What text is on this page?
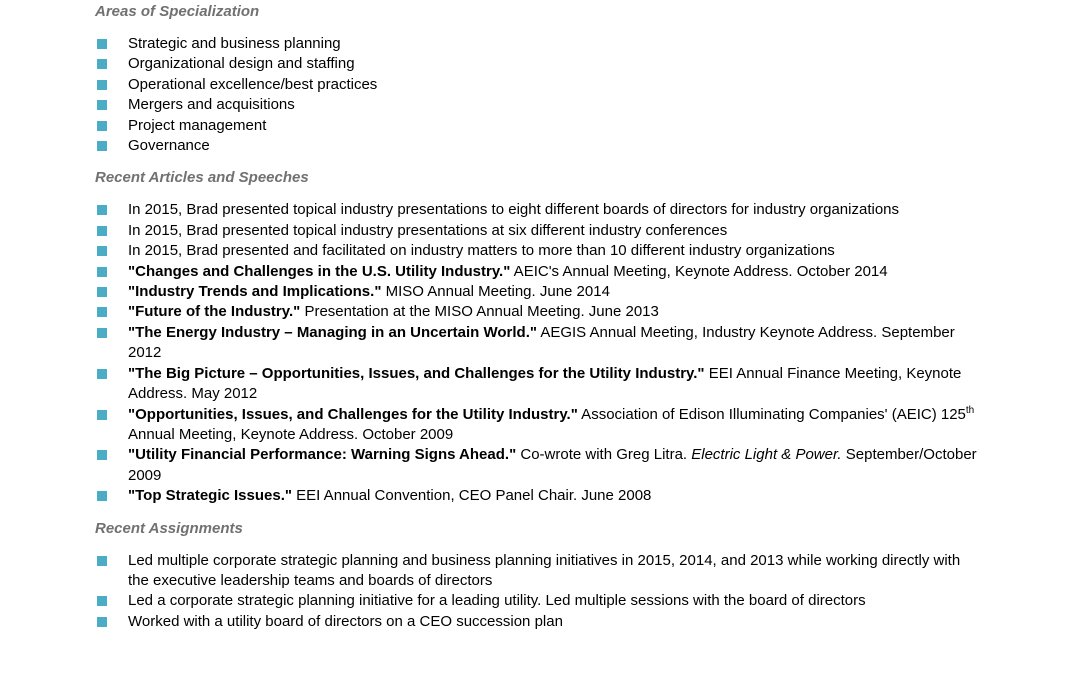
Areas of Specialization
Strategic and business planning
Organizational design and staffing
Operational excellence/best practices
Mergers and acquisitions
Project management
Governance
Recent Articles and Speeches
In 2015, Brad presented topical industry presentations to eight different boards of directors for industry organizations
In 2015, Brad presented topical industry presentations at six different industry conferences
In 2015, Brad presented and facilitated on industry matters to more than 10 different industry organizations
"Changes and Challenges in the U.S. Utility Industry." AEIC's Annual Meeting, Keynote Address. October 2014
"Industry Trends and Implications." MISO Annual Meeting. June 2014
"Future of the Industry." Presentation at the MISO Annual Meeting. June 2013
"The Energy Industry – Managing in an Uncertain World." AEGIS Annual Meeting, Industry Keynote Address. September 2012
"The Big Picture – Opportunities, Issues, and Challenges for the Utility Industry." EEI Annual Finance Meeting, Keynote Address. May 2012
"Opportunities, Issues, and Challenges for the Utility Industry." Association of Edison Illuminating Companies' (AEIC) 125th Annual Meeting, Keynote Address. October 2009
"Utility Financial Performance: Warning Signs Ahead." Co-wrote with Greg Litra. Electric Light & Power. September/October 2009
"Top Strategic Issues." EEI Annual Convention, CEO Panel Chair. June 2008
Recent Assignments
Led multiple corporate strategic planning and business planning initiatives in 2015, 2014, and 2013 while working directly with the executive leadership teams and boards of directors
Led a corporate strategic planning initiative for a leading utility. Led multiple sessions with the board of directors
Worked with a utility board of directors on a CEO succession plan
